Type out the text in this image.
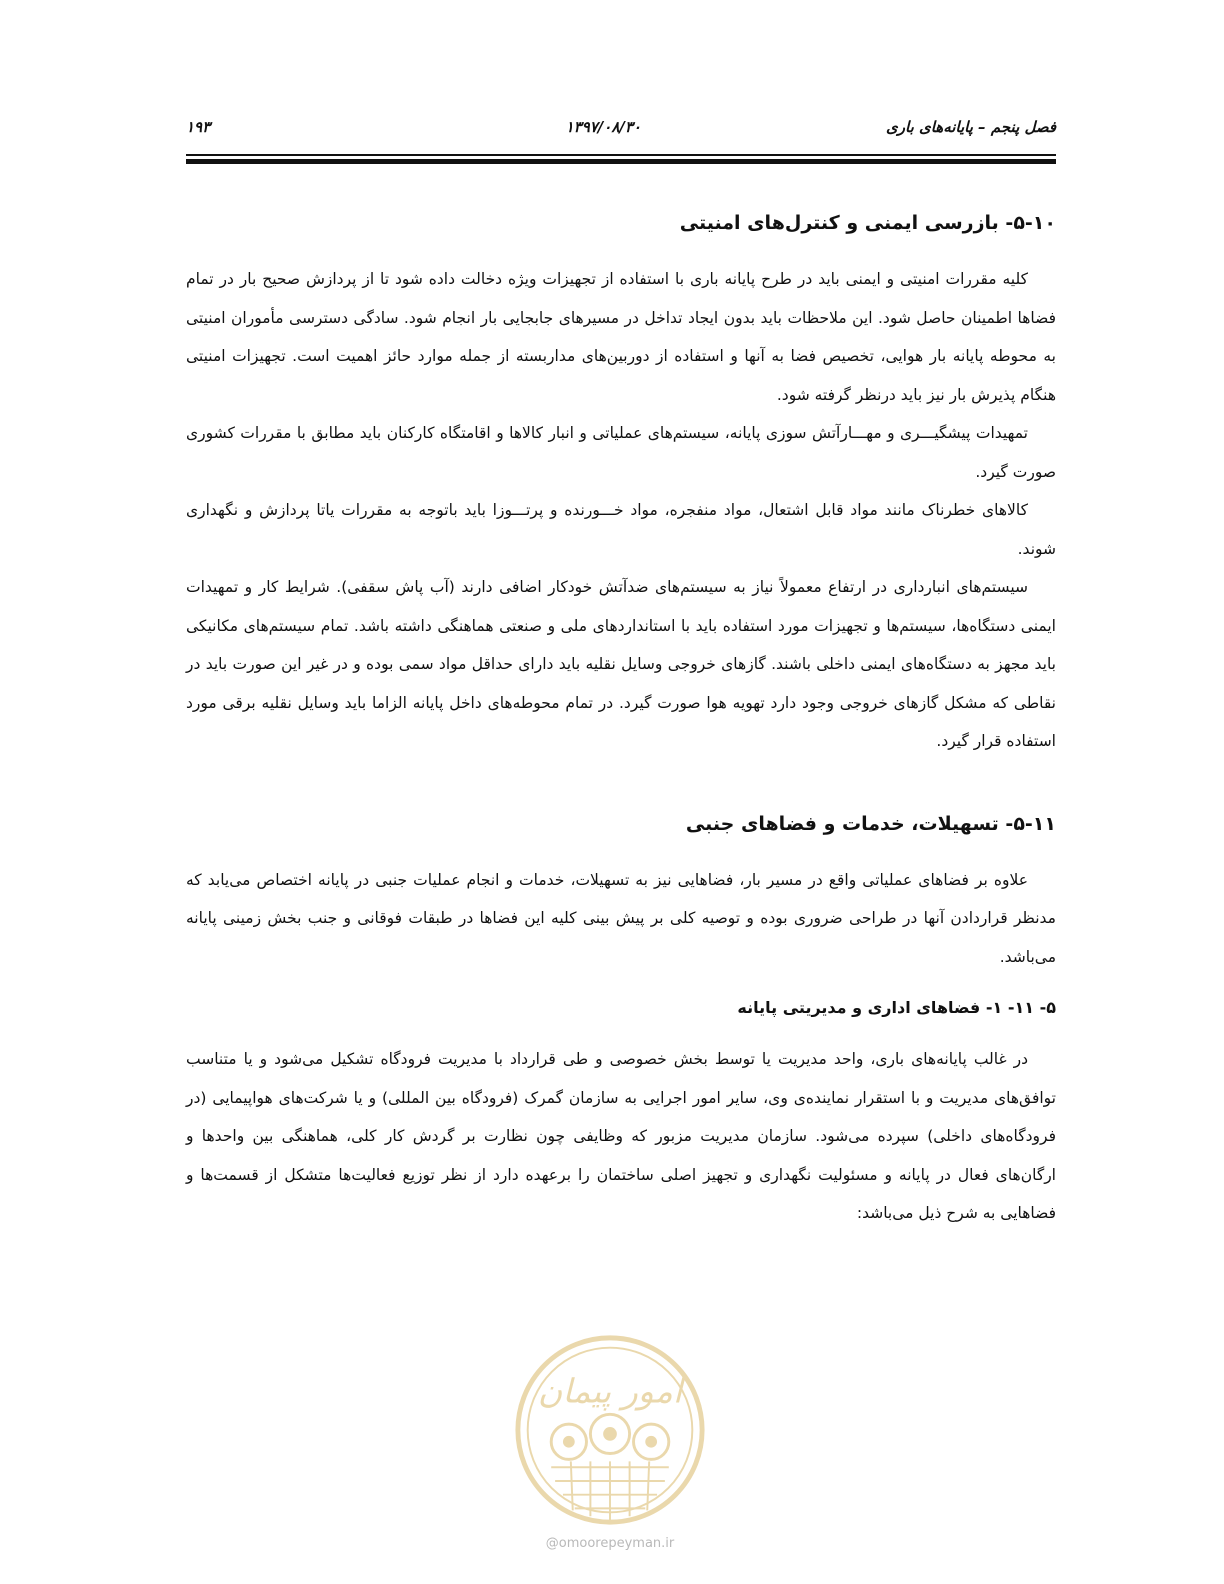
فصل پنجم – پایانه‌های باری
۱۳۹۷/۰۸/۳۰
۱۹۳
۵-۱۰- بازرسی ایمنی و کنترل‌های امنیتی

کلیه مقررات امنیتی و ایمنی باید در طرح پایانه باری با استفاده از تجهیزات ویژه دخالت داده شود تا از پردازش صحیح بار در تمام فضاها اطمینان حاصل شود. این ملاحظات باید بدون ایجاد تداخل در مسیرهای جابجایی بار انجام شود. سادگی دسترسی مأموران امنیتی به محوطه پایانه بار هوایی، تخصیص فضا به آنها و استفاده از دوربین‌های مداربسته از جمله موارد حائز اهمیت است. تجهیزات امنیتی هنگام پذیرش بار نیز باید درنظر گرفته شود.

تمهیدات پیشگیـــری و مهـــارآتش سوزی پایانه، سیستم‌های عملیاتی و انبار کالاها و اقامتگاه کارکنان باید مطابق با مقررات کشوری صورت گیرد.

کالاهای خطرناک مانند مواد قابل اشتعال، مواد منفجره، مواد خـــورنده و پرتـــوزا باید باتوجه به مقررات یاتا پردازش و نگهداری شوند.

سیستم‌های انبارداری در ارتفاع معمولاً نیاز به سیستم‌های ضدآتش خودکار اضافی دارند (آب پاش سقفی). شرایط کار و تمهیدات ایمنی دستگاه‌ها، سیستم‌ها و تجهیزات مورد استفاده باید با استانداردهای ملی و صنعتی هماهنگی داشته باشد. تمام سیستم‌های مکانیکی باید مجهز به دستگاه‌های ایمنی داخلی باشند. گازهای خروجی وسایل نقلیه باید دارای حداقل مواد سمی بوده و در غیر این صورت باید در نقاطی که مشکل گازهای خروجی وجود دارد تهویه هوا صورت گیرد. در تمام محوطه‌های داخل پایانه الزاما باید وسایل نقلیه برقی مورد استفاده قرار گیرد.

۵-۱۱- تسهیلات، خدمات و فضاهای جنبی

علاوه بر فضاهای عملیاتی واقع در مسیر بار، فضاهایی نیز به تسهیلات، خدمات و انجام عملیات جنبی در پایانه اختصاص می‌یابد که مدنظر قراردادن آنها در طراحی ضروری بوده و توصیه کلی بر پیش بینی کلیه این فضاها در طبقات فوقانی و جنب بخش زمینی پایانه می‌باشد.

۵- ۱۱- ۱- فضاهای اداری و مدیریتی پایانه

در غالب پایانه‌های باری، واحد مدیریت یا توسط بخش خصوصی و طی قرارداد با مدیریت فرودگاه تشکیل می‌شود و یا متناسب توافق‌های مدیریت و با استقرار نماینده‌ی وی، سایر امور اجرایی به سازمان گمرک (فرودگاه بین المللی) و یا شرکت‌های هواپیمایی (در فرودگاه‌های داخلی) سپرده می‌شود. سازمان مدیریت مزبور که وظایفی چون نظارت بر گردش کار کلی، هماهنگی بین واحدها و ارگان‌های فعال در پایانه و مسئولیت نگهداری و تجهیز اصلی ساختمان را برعهده دارد از نظر توزیع فعالیت‌ها متشکل از قسمت‌ها و فضاهایی به شرح ذیل می‌باشد:

امور پیمان
@omoorepeyman.ir
